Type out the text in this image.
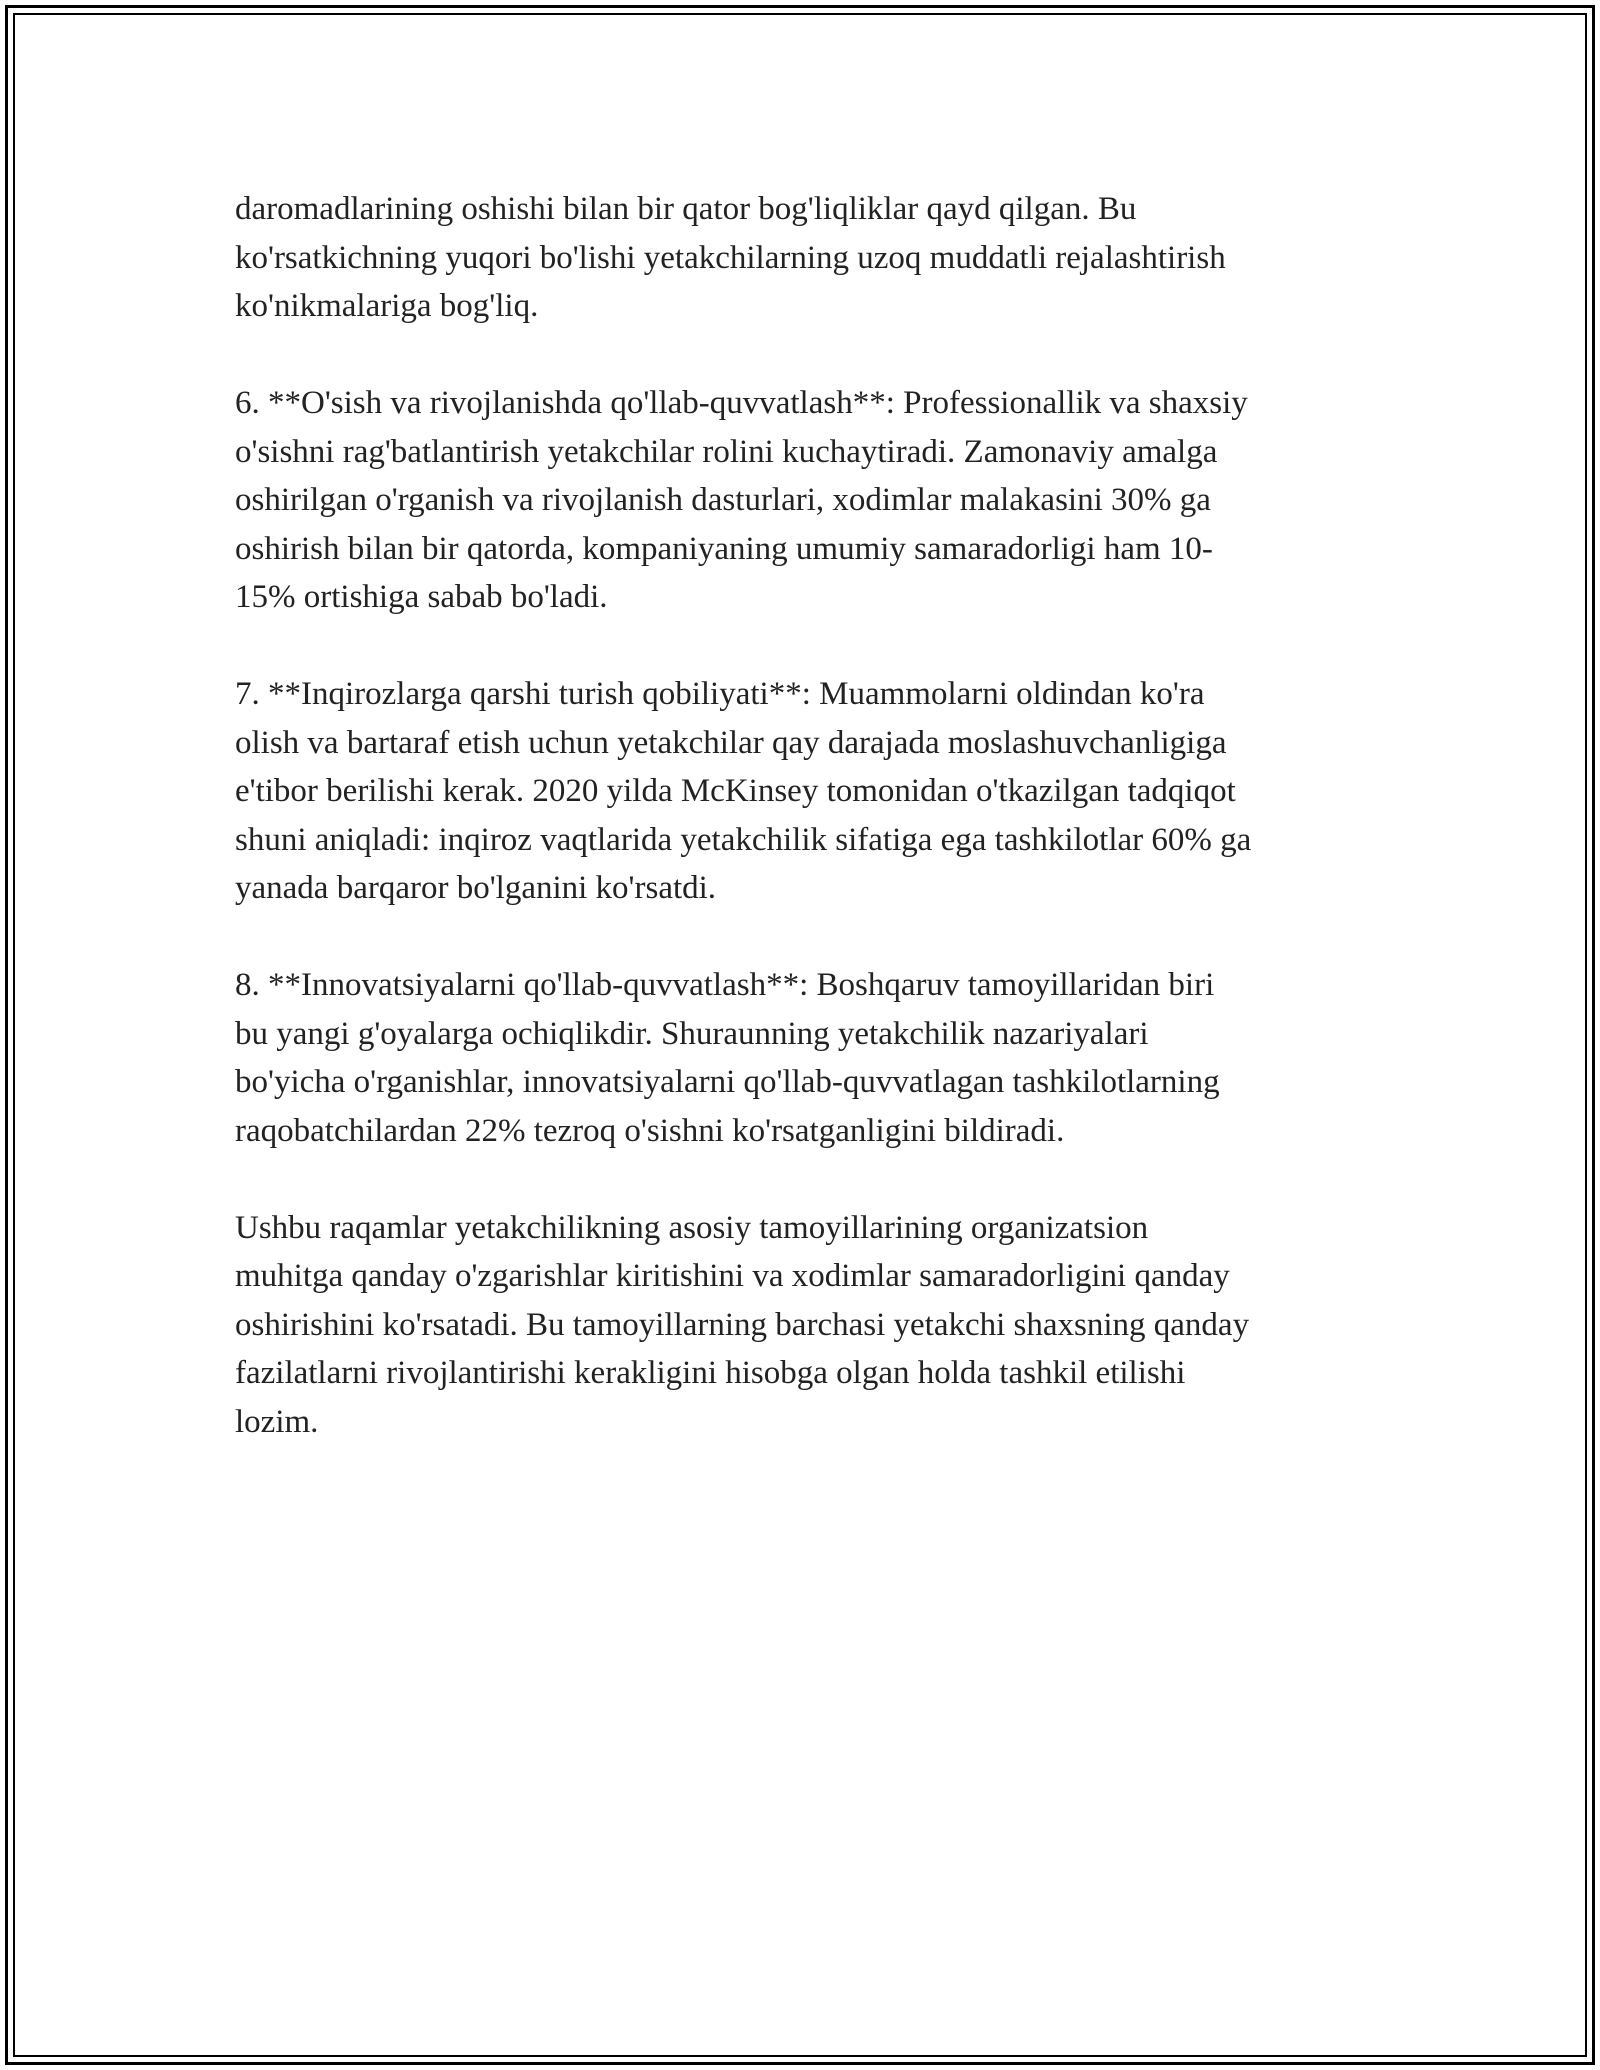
daromadlarining oshishi bilan bir qator bog'liqliklar qayd qilgan. Bu
ko'rsatkichning yuqori bo'lishi yetakchilarning uzoq muddatli rejalashtirish
ko'nikmalariga bog'liq.

6. **O'sish va rivojlanishda qo'llab-quvvatlash**: Professionallik va shaxsiy
o'sishni rag'batlantirish yetakchilar rolini kuchaytiradi. Zamonaviy amalga
oshirilgan o'rganish va rivojlanish dasturlari, xodimlar malakasini 30% ga
oshirish bilan bir qatorda, kompaniyaning umumiy samaradorligi ham 10-
15% ortishiga sabab bo'ladi.

7. **Inqirozlarga qarshi turish qobiliyati**: Muammolarni oldindan ko'ra
olish va bartaraf etish uchun yetakchilar qay darajada moslashuvchanligiga
e'tibor berilishi kerak. 2020 yilda McKinsey tomonidan o'tkazilgan tadqiqot
shuni aniqladi: inqiroz vaqtlarida yetakchilik sifatiga ega tashkilotlar 60% ga
yanada barqaror bo'lganini ko'rsatdi.

8. **Innovatsiyalarni qo'llab-quvvatlash**: Boshqaruv tamoyillaridan biri
bu yangi g'oyalarga ochiqlikdir. Shuraunning yetakchilik nazariyalari
bo'yicha o'rganishlar, innovatsiyalarni qo'llab-quvvatlagan tashkilotlarning
raqobatchilardan 22% tezroq o'sishni ko'rsatganligini bildiradi.

Ushbu raqamlar yetakchilikning asosiy tamoyillarining organizatsion
muhitga qanday o'zgarishlar kiritishini va xodimlar samaradorligini qanday
oshirishini ko'rsatadi. Bu tamoyillarning barchasi yetakchi shaxsning qanday
fazilatlarni rivojlantirishi kerakligini hisobga olgan holda tashkil etilishi
lozim.
